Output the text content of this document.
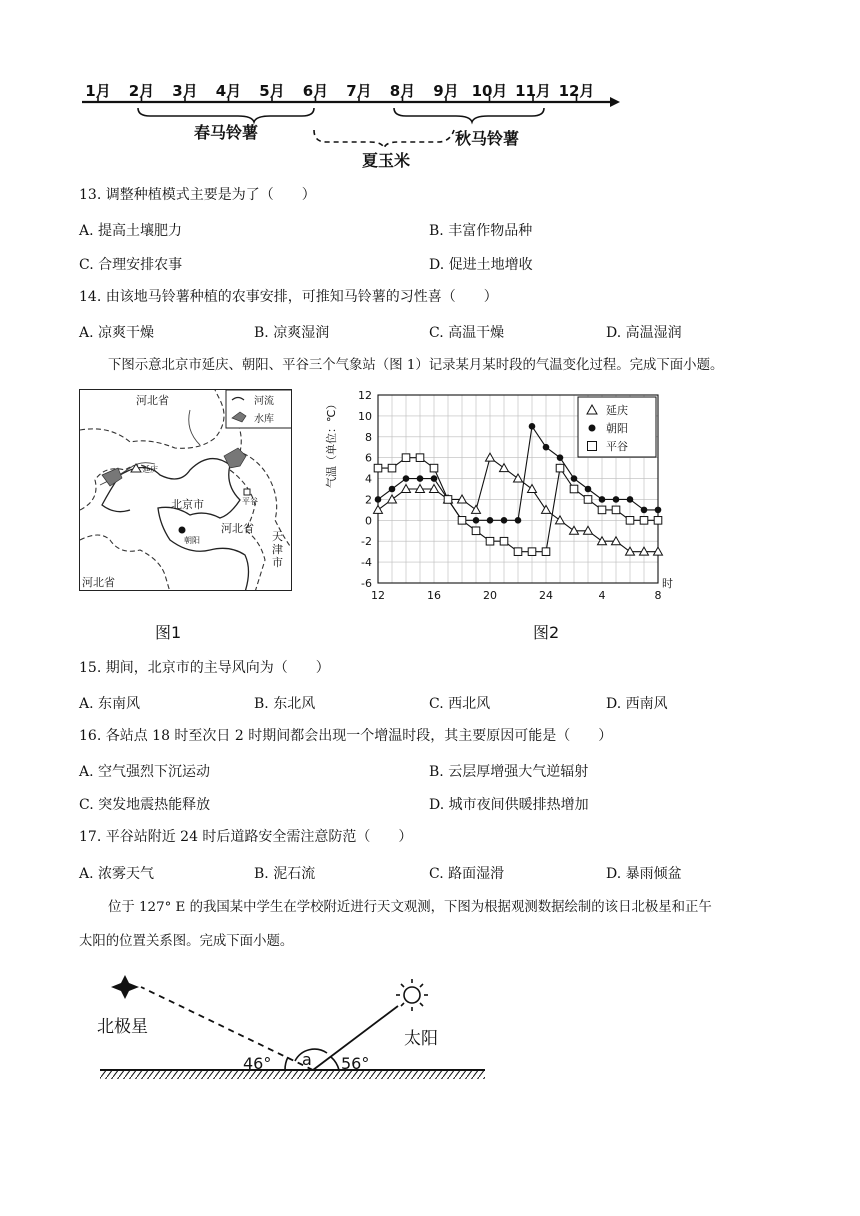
1月 2月 3月 4月 5月 6月 7月 8月 9月 10月 11月 12月
春马铃薯	秋马铃薯
夏玉米
13. 调整种植模式主要是为了（　　）
A. 提高土壤肥力	B. 丰富作物品种
C. 合理安排农事	D. 促进土地增收
14. 由该地马铃薯种植的农事安排，可推知马铃薯的习性喜（　　）
A. 凉爽干燥	B. 凉爽湿润	C. 高温干燥	D. 高温湿润
下图示意北京市延庆、朝阳、平谷三个气象站（图 1）记录某月某时段的气温变化过程。完成下面小题。
河北省	河流
水库
延庆
北京市	平谷
河北省
朝阳	天津市
河北省
图1
气温（单位：℃）
12
10
8
6
4
2
0
-2
-4
-6
12	16	20	24	4	8
时
延庆
朝阳
平谷
图2
15. 期间，北京市的主导风向为（　　）
A. 东南风	B. 东北风	C. 西北风	D. 西南风
16. 各站点 18 时至次日 2 时期间都会出现一个增温时段，其主要原因可能是（　　）
A. 空气强烈下沉运动	B. 云层厚增强大气逆辐射
C. 突发地震热能释放	D. 城市夜间供暖排热增加
17. 平谷站附近 24 时后道路安全需注意防范（　　）
A. 浓雾天气	B. 泥石流	C. 路面湿滑	D. 暴雨倾盆
位于 127° E 的我国某中学生在学校附近进行天文观测，下图为根据观测数据绘制的该日北极星和正午
太阳的位置关系图。完成下面小题。
北极星
太阳
a
46°	56°
